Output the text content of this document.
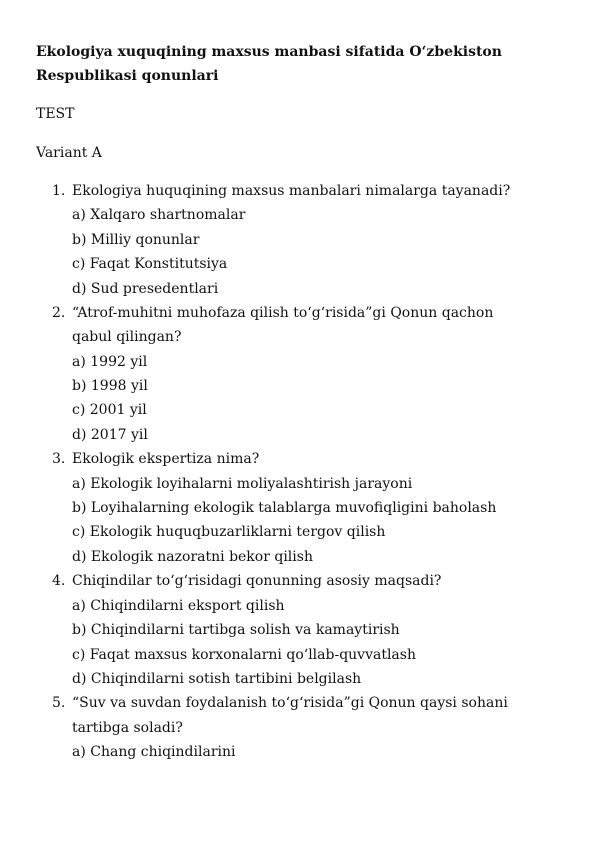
Ekologiya xuquqining maxsus manbasi sifatida O‘zbekiston
Respublikasi qonunlari
TEST
Variant A
1. Ekologiya huquqining maxsus manbalari nimalarga tayanadi?
a) Xalqaro shartnomalar
b) Milliy qonunlar
c) Faqat Konstitutsiya
d) Sud presedentlari
2. “Atrof-muhitni muhofaza qilish to‘g‘risida”gi Qonun qachon
qabul qilingan?
a) 1992 yil
b) 1998 yil
c) 2001 yil
d) 2017 yil
3. Ekologik ekspertiza nima?
a) Ekologik loyihalarni moliyalashtirish jarayoni
b) Loyihalarning ekologik talablarga muvofiqligini baholash
c) Ekologik huquqbuzarliklarni tergov qilish
d) Ekologik nazoratni bekor qilish
4. Chiqindilar to‘g‘risidagi qonunning asosiy maqsadi?
a) Chiqindilarni eksport qilish
b) Chiqindilarni tartibga solish va kamaytirish
c) Faqat maxsus korxonalarni qo‘llab-quvvatlash
d) Chiqindilarni sotish tartibini belgilash
5. “Suv va suvdan foydalanish to‘g‘risida”gi Qonun qaysi sohani
tartibga soladi?
a) Chang chiqindilarini
